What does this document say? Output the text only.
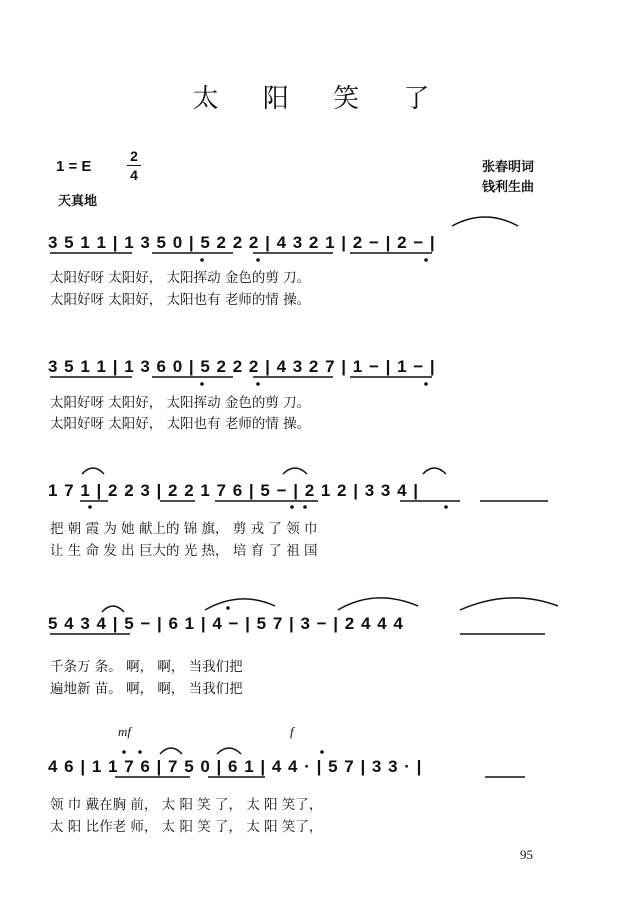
太 阳 笑 了
1 = E
2
4
天真地
张春明词
钱利生曲
3 5 1 1 | 1 3 5 0 | 5 2 2 2 | 4 3 2 1 | 2 − | 2 − |
太阳好呀 太阳好， 太阳挥动 金色的剪 刀。
太阳好呀 太阳好， 太阳也有 老师的情 操。
3 5 1 1 | 1 3 6 0 | 5 2 2 2 | 4 3 2 7 | 1 − | 1 − |
太阳好呀 太阳好， 太阳挥动 金色的剪 刀。
太阳好呀 太阳好， 太阳也有 老师的情 操。
1 7 1 | 2 2 3 | 2 2 1 7 6 | 5 − | 2 1 2 | 3 3 4 |
把 朝 霞 为 她 献上的 锦 旗， 剪 戎 了 领 巾
让 生 命 发 出 巨大的 光 热， 培 育 了 祖 国
5 4 3 4 | 5 − | 6 1 | 4 − | 5 7 | 3 − | 2 4 4 4
千条万 条。 啊， 啊， 当我们把
遍地新 苗。 啊， 啊， 当我们把
mf	f
4 6 | 1 1 7 6 | 7 5 0 | 6 1 | 4 4 · | 5 7 | 3 3 · |
领 巾 戴在胸 前， 太 阳 笑 了， 太 阳 笑了，
太 阳 比作老 师， 太 阳 笑 了， 太 阳 笑了，
95
